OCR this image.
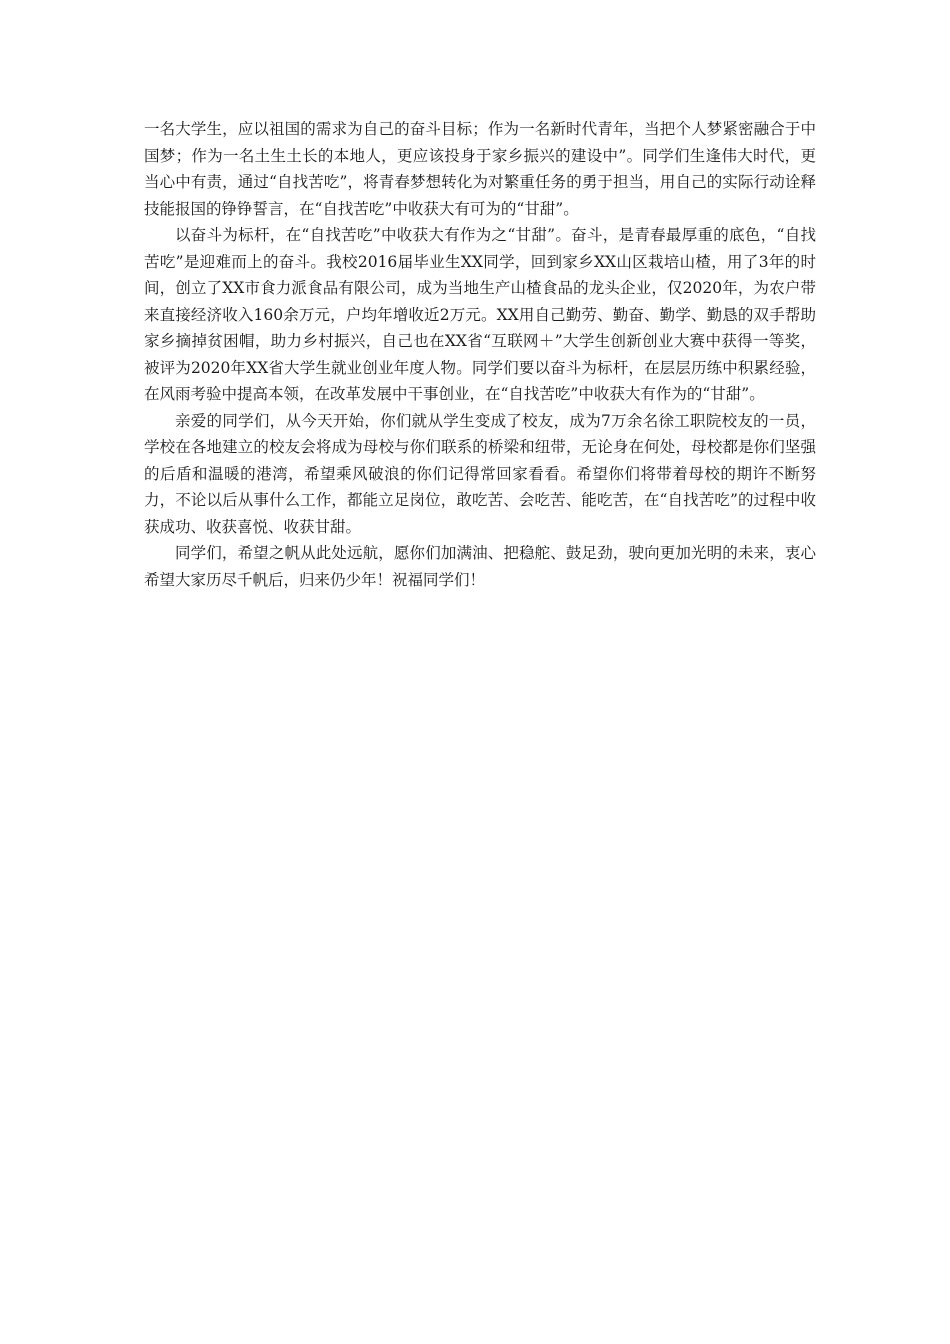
一名大学生，应以祖国的需求为自己的奋斗目标；作为一名新时代青年，当把个人梦紧密融合于中国梦；作为一名土生土长的本地人，更应该投身于家乡振兴的建设中”。同学们生逢伟大时代，更当心中有责，通过“自找苦吃”，将青春梦想转化为对繁重任务的勇于担当，用自己的实际行动诠释技能报国的铮铮誓言，在“自找苦吃”中收获大有可为的“甘甜”。

以奋斗为标杆，在“自找苦吃”中收获大有作为之“甘甜”。奋斗，是青春最厚重的底色，“自找苦吃”是迎难而上的奋斗。我校2016届毕业生XX同学，回到家乡XX山区栽培山楂，用了3年的时间，创立了XX市食力派食品有限公司，成为当地生产山楂食品的龙头企业，仅2020年，为农户带来直接经济收入160余万元，户均年增收近2万元。XX用自己勤劳、勤奋、勤学、勤恳的双手帮助家乡摘掉贫困帽，助力乡村振兴，自己也在XX省“互联网＋”大学生创新创业大赛中获得一等奖，被评为2020年XX省大学生就业创业年度人物。同学们要以奋斗为标杆，在层层历练中积累经验，在风雨考验中提高本领，在改革发展中干事创业，在“自找苦吃”中收获大有作为的“甘甜”。

亲爱的同学们，从今天开始，你们就从学生变成了校友，成为7万余名徐工职院校友的一员，学校在各地建立的校友会将成为母校与你们联系的桥梁和纽带，无论身在何处，母校都是你们坚强的后盾和温暖的港湾，希望乘风破浪的你们记得常回家看看。希望你们将带着母校的期许不断努力，不论以后从事什么工作，都能立足岗位，敢吃苦、会吃苦、能吃苦，在“自找苦吃”的过程中收获成功、收获喜悦、收获甘甜。

同学们，希望之帆从此处远航，愿你们加满油、把稳舵、鼓足劲，驶向更加光明的未来，衷心希望大家历尽千帆后，归来仍少年！祝福同学们！
